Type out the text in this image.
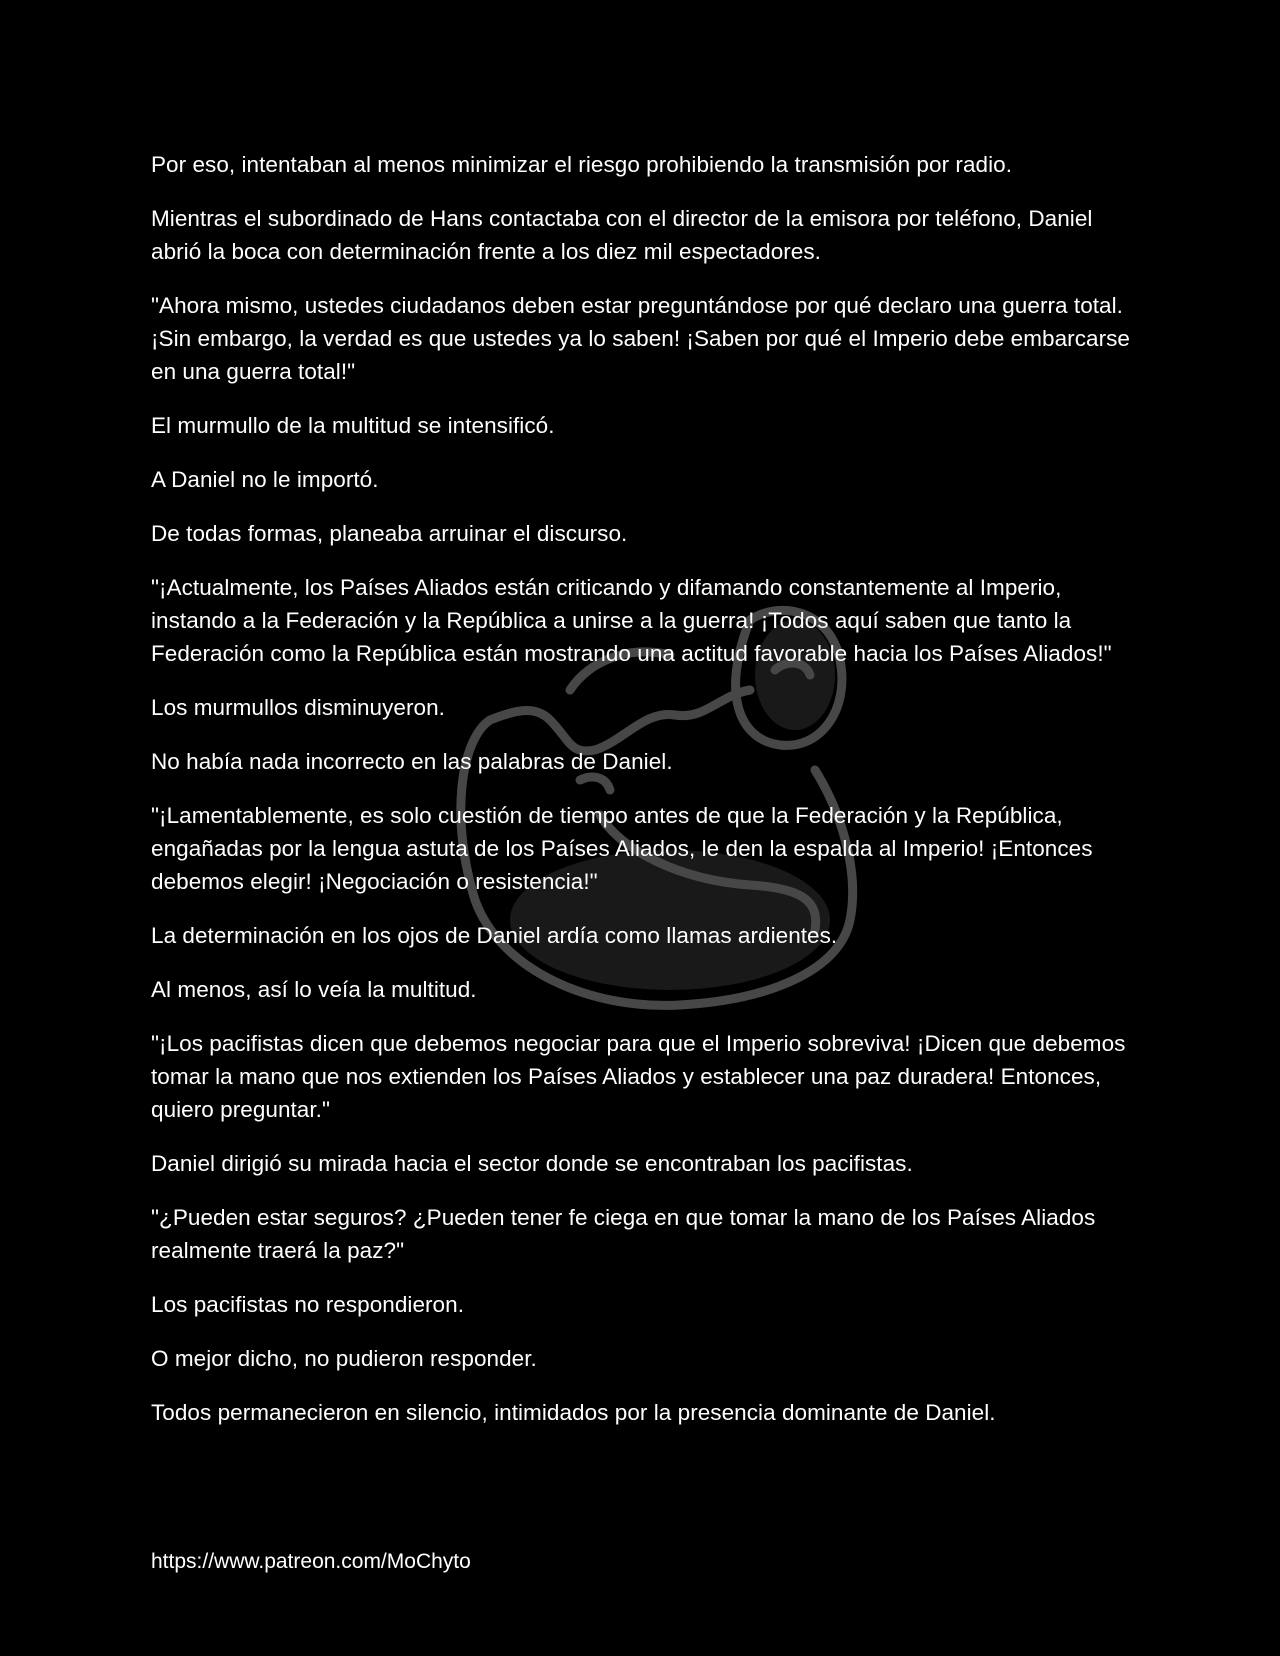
Por eso, intentaban al menos minimizar el riesgo prohibiendo la transmisión por radio.

Mientras el subordinado de Hans contactaba con el director de la emisora por teléfono, Daniel abrió la boca con determinación frente a los diez mil espectadores.

"Ahora mismo, ustedes ciudadanos deben estar preguntándose por qué declaro una guerra total. ¡Sin embargo, la verdad es que ustedes ya lo saben! ¡Saben por qué el Imperio debe embarcarse en una guerra total!"

El murmullo de la multitud se intensificó.

A Daniel no le importó.

De todas formas, planeaba arruinar el discurso.

"¡Actualmente, los Países Aliados están criticando y difamando constantemente al Imperio, instando a la Federación y la República a unirse a la guerra! ¡Todos aquí saben que tanto la Federación como la República están mostrando una actitud favorable hacia los Países Aliados!"

Los murmullos disminuyeron.

No había nada incorrecto en las palabras de Daniel.

"¡Lamentablemente, es solo cuestión de tiempo antes de que la Federación y la República, engañadas por la lengua astuta de los Países Aliados, le den la espalda al Imperio! ¡Entonces debemos elegir! ¡Negociación o resistencia!"

La determinación en los ojos de Daniel ardía como llamas ardientes.

Al menos, así lo veía la multitud.

"¡Los pacifistas dicen que debemos negociar para que el Imperio sobreviva! ¡Dicen que debemos tomar la mano que nos extienden los Países Aliados y establecer una paz duradera! Entonces, quiero preguntar."

Daniel dirigió su mirada hacia el sector donde se encontraban los pacifistas.

"¿Pueden estar seguros? ¿Pueden tener fe ciega en que tomar la mano de los Países Aliados realmente traerá la paz?"

Los pacifistas no respondieron.

O mejor dicho, no pudieron responder.

Todos permanecieron en silencio, intimidados por la presencia dominante de Daniel.

https://www.patreon.com/MoChyto
